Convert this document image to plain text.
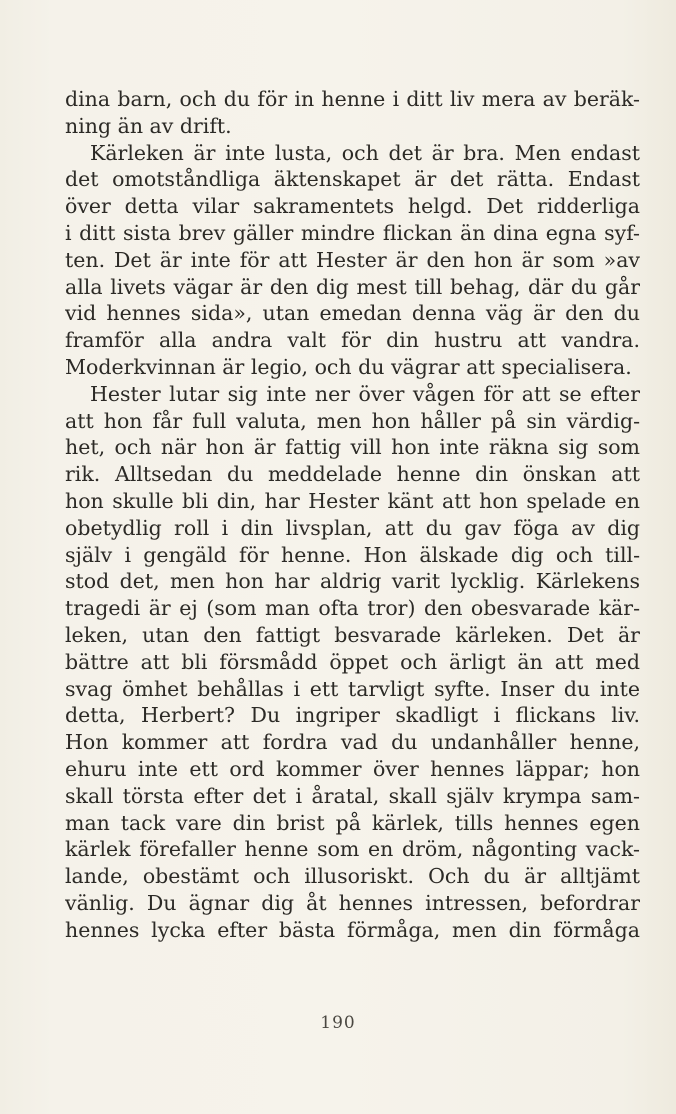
dina barn, och du för in henne i ditt liv mera av beräk-
ning än av drift.
Kärleken är inte lusta, och det är bra. Men endast
det omotståndliga äktenskapet är det rätta. Endast
över detta vilar sakramentets helgd. Det ridderliga
i ditt sista brev gäller mindre flickan än dina egna syf-
ten. Det är inte för att Hester är den hon är som »av
alla livets vägar är den dig mest till behag, där du går
vid hennes sida», utan emedan denna väg är den du
framför alla andra valt för din hustru att vandra.
Moderkvinnan är legio, och du vägrar att specialisera.
Hester lutar sig inte ner över vågen för att se efter
att hon får full valuta, men hon håller på sin värdig-
het, och när hon är fattig vill hon inte räkna sig som
rik. Alltsedan du meddelade henne din önskan att
hon skulle bli din, har Hester känt att hon spelade en
obetydlig roll i din livsplan, att du gav föga av dig
själv i gengäld för henne. Hon älskade dig och till-
stod det, men hon har aldrig varit lycklig. Kärlekens
tragedi är ej (som man ofta tror) den obesvarade kär-
leken, utan den fattigt besvarade kärleken. Det är
bättre att bli försmådd öppet och ärligt än att med
svag ömhet behållas i ett tarvligt syfte. Inser du inte
detta, Herbert? Du ingriper skadligt i flickans liv.
Hon kommer att fordra vad du undanhåller henne,
ehuru inte ett ord kommer över hennes läppar; hon
skall törsta efter det i åratal, skall själv krympa sam-
man tack vare din brist på kärlek, tills hennes egen
kärlek förefaller henne som en dröm, någonting vack-
lande, obestämt och illusoriskt. Och du är alltjämt
vänlig. Du ägnar dig åt hennes intressen, befordrar
hennes lycka efter bästa förmåga, men din förmåga
190
